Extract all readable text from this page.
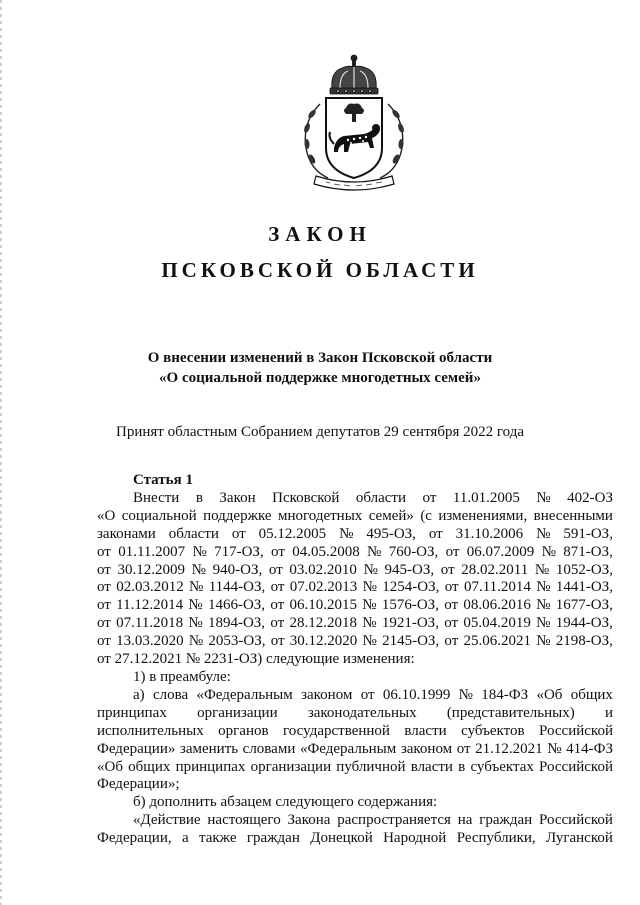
ЗАКОН
ПСКОВСКОЙ ОБЛАСТИ
О внесении изменений в Закон Псковской области
«О социальной поддержке многодетных семей»
Принят областным Собранием депутатов 29 сентября 2022 года
Статья 1
Внести в Закон Псковской области от 11.01.2005 № 402-ОЗ
«О социальной поддержке многодетных семей» (с изменениями, внесенными
законами области от 05.12.2005 № 495-ОЗ, от 31.10.2006 № 591-ОЗ,
от 01.11.2007 № 717-ОЗ, от 04.05.2008 № 760-ОЗ, от 06.07.2009 № 871-ОЗ,
от 30.12.2009 № 940-ОЗ, от 03.02.2010 № 945-ОЗ, от 28.02.2011 № 1052-ОЗ,
от 02.03.2012 № 1144-ОЗ, от 07.02.2013 № 1254-ОЗ, от 07.11.2014 № 1441-ОЗ,
от 11.12.2014 № 1466-ОЗ, от 06.10.2015 № 1576-ОЗ, от 08.06.2016 № 1677-ОЗ,
от 07.11.2018 № 1894-ОЗ, от 28.12.2018 № 1921-ОЗ, от 05.04.2019 № 1944-ОЗ,
от 13.03.2020 № 2053-ОЗ, от 30.12.2020 № 2145-ОЗ, от 25.06.2021 № 2198-ОЗ,
от 27.12.2021 № 2231-ОЗ) следующие изменения:
1) в преамбуле:
а) слова «Федеральным законом от 06.10.1999 № 184-ФЗ «Об общих
принципах организации законодательных (представительных) и
исполнительных органов государственной власти субъектов Российской
Федерации» заменить словами «Федеральным законом от 21.12.2021 № 414-ФЗ
«Об общих принципах организации публичной власти в субъектах Российской
Федерации»;
б) дополнить абзацем следующего содержания:
«Действие настоящего Закона распространяется на граждан Российской
Федерации, а также граждан Донецкой Народной Республики, Луганской
